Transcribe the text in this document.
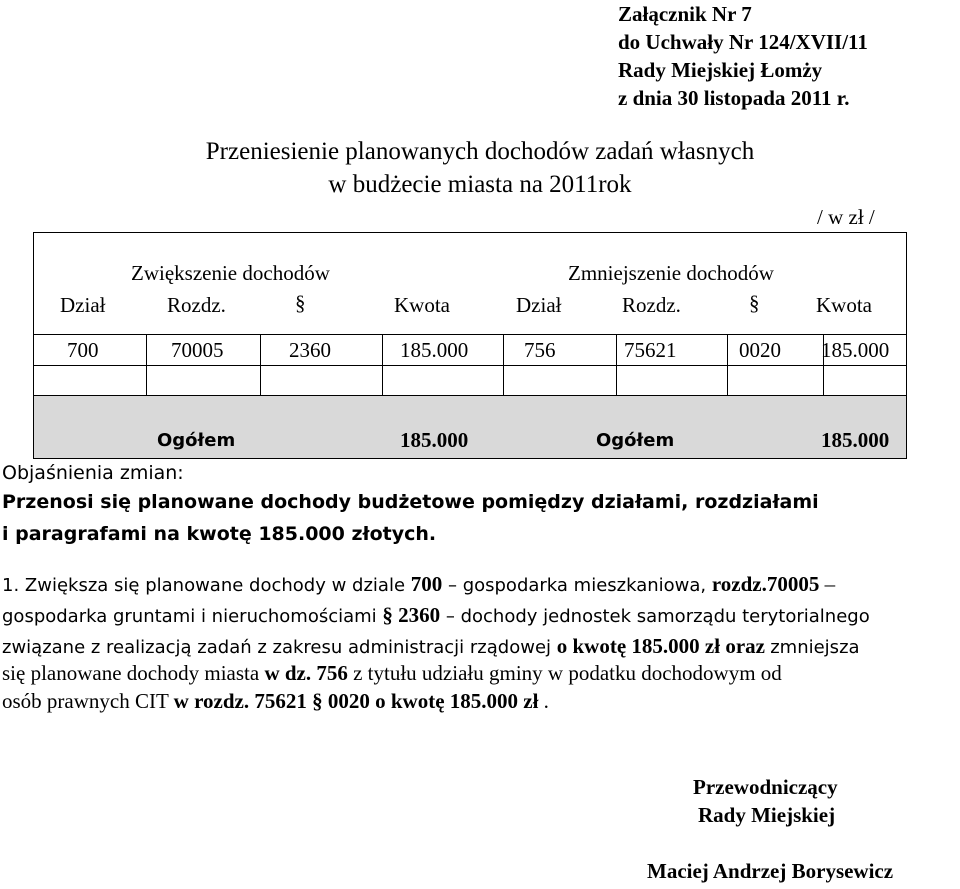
Załącznik Nr 7
do Uchwały Nr 124/XVII/11
Rady Miejskiej Łomży
z dnia 30 listopada 2011 r.
Przeniesienie planowanych dochodów zadań własnych
w budżecie miasta na 2011rok
/ w zł /
Zwiększenie dochodów	Zmniejszenie dochodów
Dział	Rozdz.	§	Kwota	Dział	Rozdz.	§	Kwota
700	70005	2360	185.000	756	75621	0020 185.000
Ogółem	185.000	Ogółem	185.000
Objaśnienia zmian:
Przenosi się planowane dochody budżetowe pomiędzy działami, rozdziałami
i paragrafami na kwotę 185.000 złotych.
1. Zwiększa się planowane dochody w dziale 700 – gospodarka mieszkaniowa, rozdz.70005 –
gospodarka gruntami i nieruchomościami § 2360 – dochody jednostek samorządu terytorialnego
związane z realizacją zadań z zakresu administracji rządowej o kwotę 185.000 zł oraz zmniejsza
się planowane dochody miasta w dz. 756 z tytułu udziału gminy w podatku dochodowym od
osób prawnych CIT w rozdz. 75621 § 0020 o kwotę 185.000 zł .
Przewodniczący
Rady Miejskiej
Maciej Andrzej Borysewicz
